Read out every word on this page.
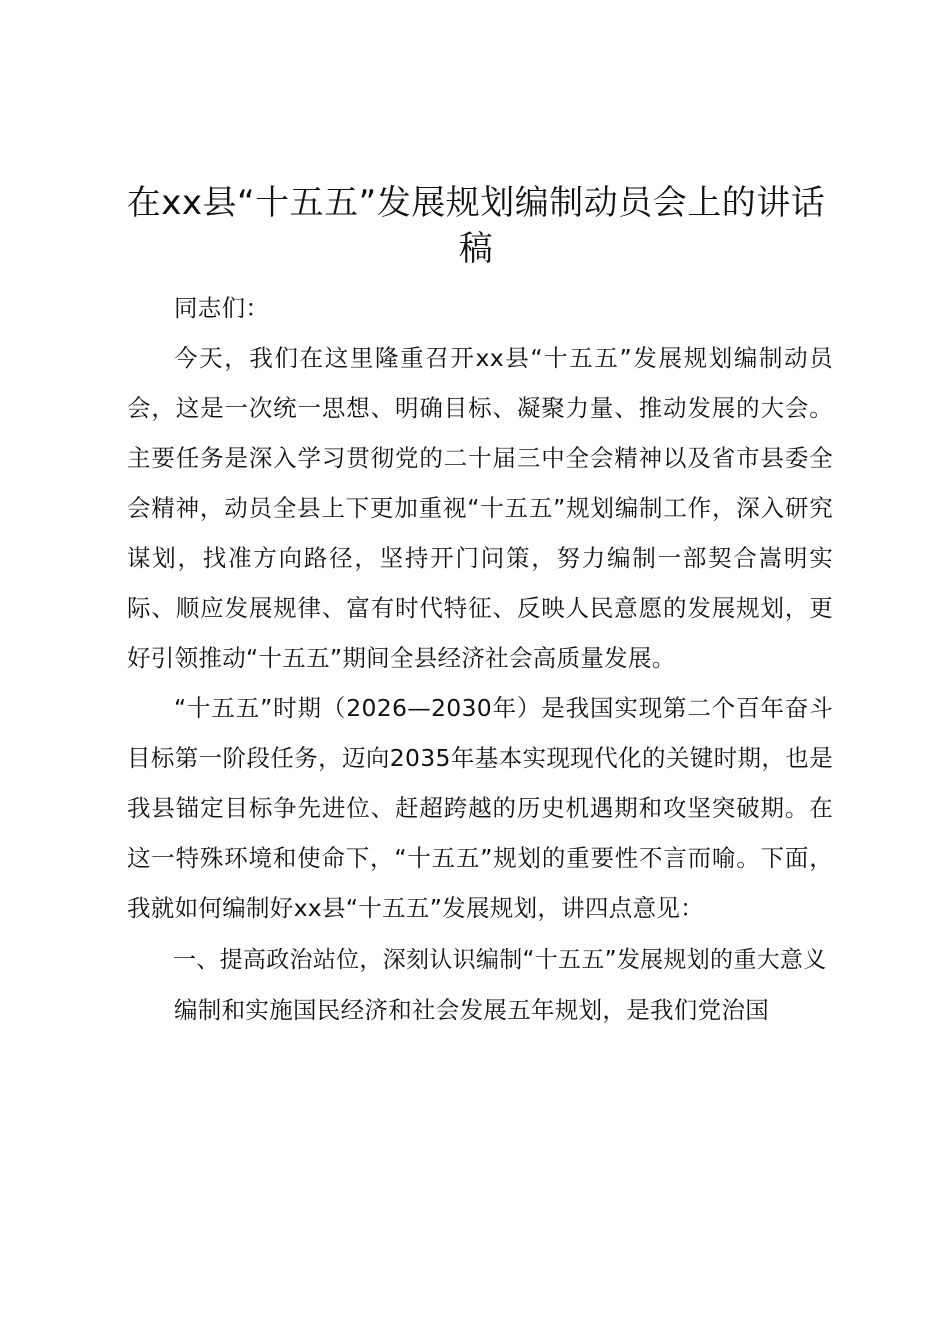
在xx县“十五五”发展规划编制动员会上的讲话稿

同志们：

今天，我们在这里隆重召开xx县“十五五”发展规划编制动员会，这是一次统一思想、明确目标、凝聚力量、推动发展的大会。主要任务是深入学习贯彻党的二十届三中全会精神以及省市县委全会精神，动员全县上下更加重视“十五五”规划编制工作，深入研究谋划，找准方向路径，坚持开门问策，努力编制一部契合嵩明实际、顺应发展规律、富有时代特征、反映人民意愿的发展规划，更好引领推动“十五五”期间全县经济社会高质量发展。

“十五五”时期（2026—2030年）是我国实现第二个百年奋斗目标第一阶段任务，迈向2035年基本实现现代化的关键时期，也是我县锚定目标争先进位、赶超跨越的历史机遇期和攻坚突破期。在这一特殊环境和使命下，“十五五”规划的重要性不言而喻。下面，我就如何编制好xx县“十五五”发展规划，讲四点意见：

一、提高政治站位，深刻认识编制“十五五”发展规划的重大意义

编制和实施国民经济和社会发展五年规划，是我们党治国
